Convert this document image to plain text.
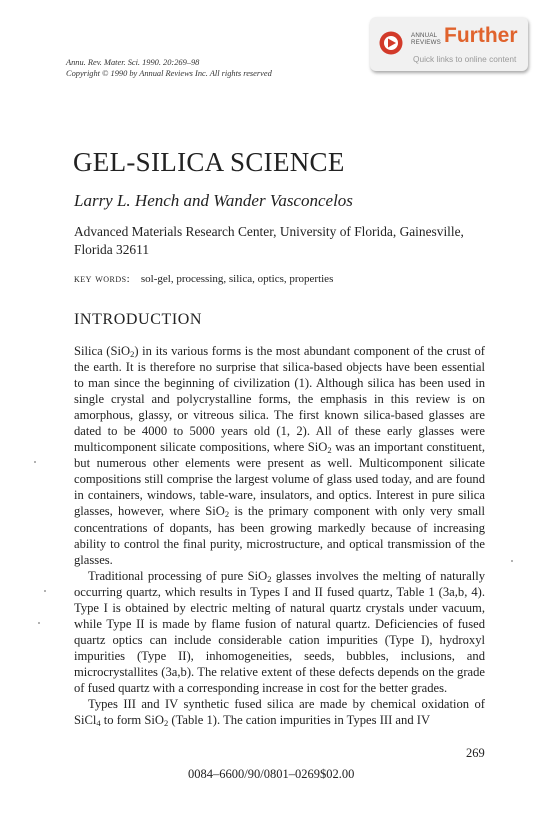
Annu. Rev. Mater. Sci. 1990. 20:269–98
Copyright © 1990 by Annual Reviews Inc. All rights reserved
ANNUAL
REVIEWS Further
Quick links to online content
GEL-SILICA SCIENCE
Larry L. Hench and Wander Vasconcelos
Advanced Materials Research Center, University of Florida, Gainesville, Florida 32611
key words: sol-gel, processing, silica, optics, properties
INTRODUCTION

Silica (SiO$_2$) in its various forms is the most abundant component of the crust of the earth. It is therefore no surprise that silica-based objects have been essential to man since the beginning of civilization (1). Although silica has been used in single crystal and polycrystalline forms, the emphasis in this review is on amorphous, glassy, or vitreous silica. The first known silica-based glasses are dated to be 4000 to 5000 years old (1, 2). All of these early glasses were multicomponent silicate compositions, where SiO$_2$ was an important constituent, but numerous other elements were present as well. Multicomponent silicate compositions still comprise the largest volume of glass used today, and are found in containers, windows, table-ware, insulators, and optics. Interest in pure silica glasses, however, where SiO$_2$ is the primary component with only very small concentrations of dopants, has been growing markedly because of increasing ability to control the final purity, microstructure, and optical transmission of the glasses.

Traditional processing of pure SiO$_2$ glasses involves the melting of naturally occurring quartz, which results in Types I and II fused quartz, Table 1 (3a,b, 4). Type I is obtained by electric melting of natural quartz crystals under vacuum, while Type II is made by flame fusion of natural quartz. Deficiencies of fused quartz optics can include considerable cation impurities (Type I), hydroxyl impurities (Type II), inhomogeneities, seeds, bubbles, inclusions, and microcrystallites (3a,b). The relative extent of these defects depends on the grade of fused quartz with a corresponding increase in cost for the better grades.

Types III and IV synthetic fused silica are made by chemical oxidation of SiCl$_4$ to form SiO$_2$ (Table 1). The cation impurities in Types III and IV

269
0084–6600/90/0801–0269$02.00
